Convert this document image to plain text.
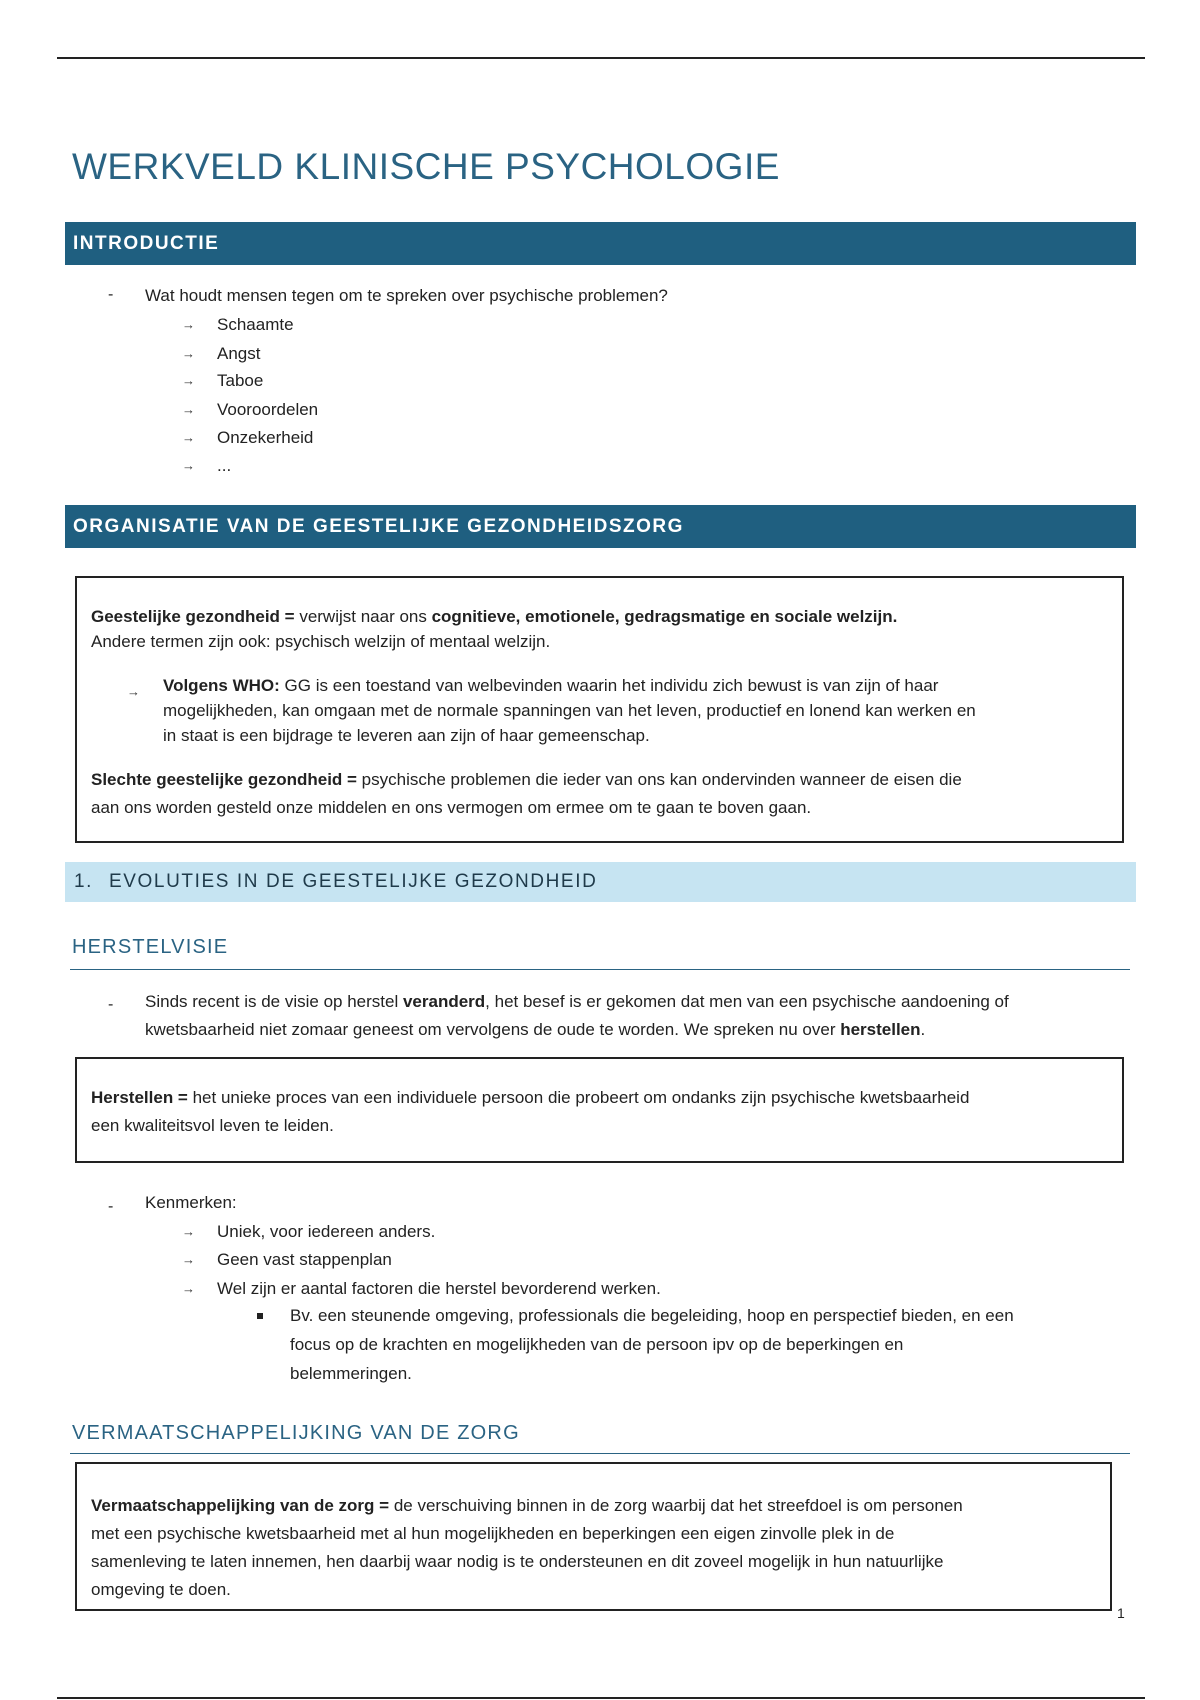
WERKVELD KLINISCHE PSYCHOLOGIE
INTRODUCTIE
- Wat houdt mensen tegen om te spreken over psychische problemen?
→ Schaamte
→ Angst
→ Taboe
→ Vooroordelen
→ Onzekerheid
→ ...
ORGANISATIE VAN DE GEESTELIJKE GEZONDHEIDSZORG
Geestelijke gezondheid = verwijst naar ons cognitieve, emotionele, gedragsmatige en sociale welzijn.
Andere termen zijn ook: psychisch welzijn of mentaal welzijn.
→ Volgens WHO: GG is een toestand van welbevinden waarin het individu zich bewust is van zijn of haar
mogelijkheden, kan omgaan met de normale spanningen van het leven, productief en lonend kan werken en
in staat is een bijdrage te leveren aan zijn of haar gemeenschap.
Slechte geestelijke gezondheid = psychische problemen die ieder van ons kan ondervinden wanneer de eisen die
aan ons worden gesteld onze middelen en ons vermogen om ermee om te gaan te boven gaan.
1. EVOLUTIES IN DE GEESTELIJKE GEZONDHEID
HERSTELVISIE
- Sinds recent is de visie op herstel veranderd, het besef is er gekomen dat men van een psychische aandoening of
kwetsbaarheid niet zomaar geneest om vervolgens de oude te worden. We spreken nu over herstellen.
Herstellen = het unieke proces van een individuele persoon die probeert om ondanks zijn psychische kwetsbaarheid
een kwaliteitsvol leven te leiden.
- Kenmerken:
→ Uniek, voor iedereen anders.
→ Geen vast stappenplan
→ Wel zijn er aantal factoren die herstel bevorderend werken.
Bv. een steunende omgeving, professionals die begeleiding, hoop en perspectief bieden, en een
focus op de krachten en mogelijkheden van de persoon ipv op de beperkingen en
belemmeringen.
VERMAATSCHAPPELIJKING VAN DE ZORG
Vermaatschappelijking van de zorg = de verschuiving binnen in de zorg waarbij dat het streefdoel is om personen
met een psychische kwetsbaarheid met al hun mogelijkheden en beperkingen een eigen zinvolle plek in de
samenleving te laten innemen, hen daarbij waar nodig is te ondersteunen en dit zoveel mogelijk in hun natuurlijke
omgeving te doen.
1
